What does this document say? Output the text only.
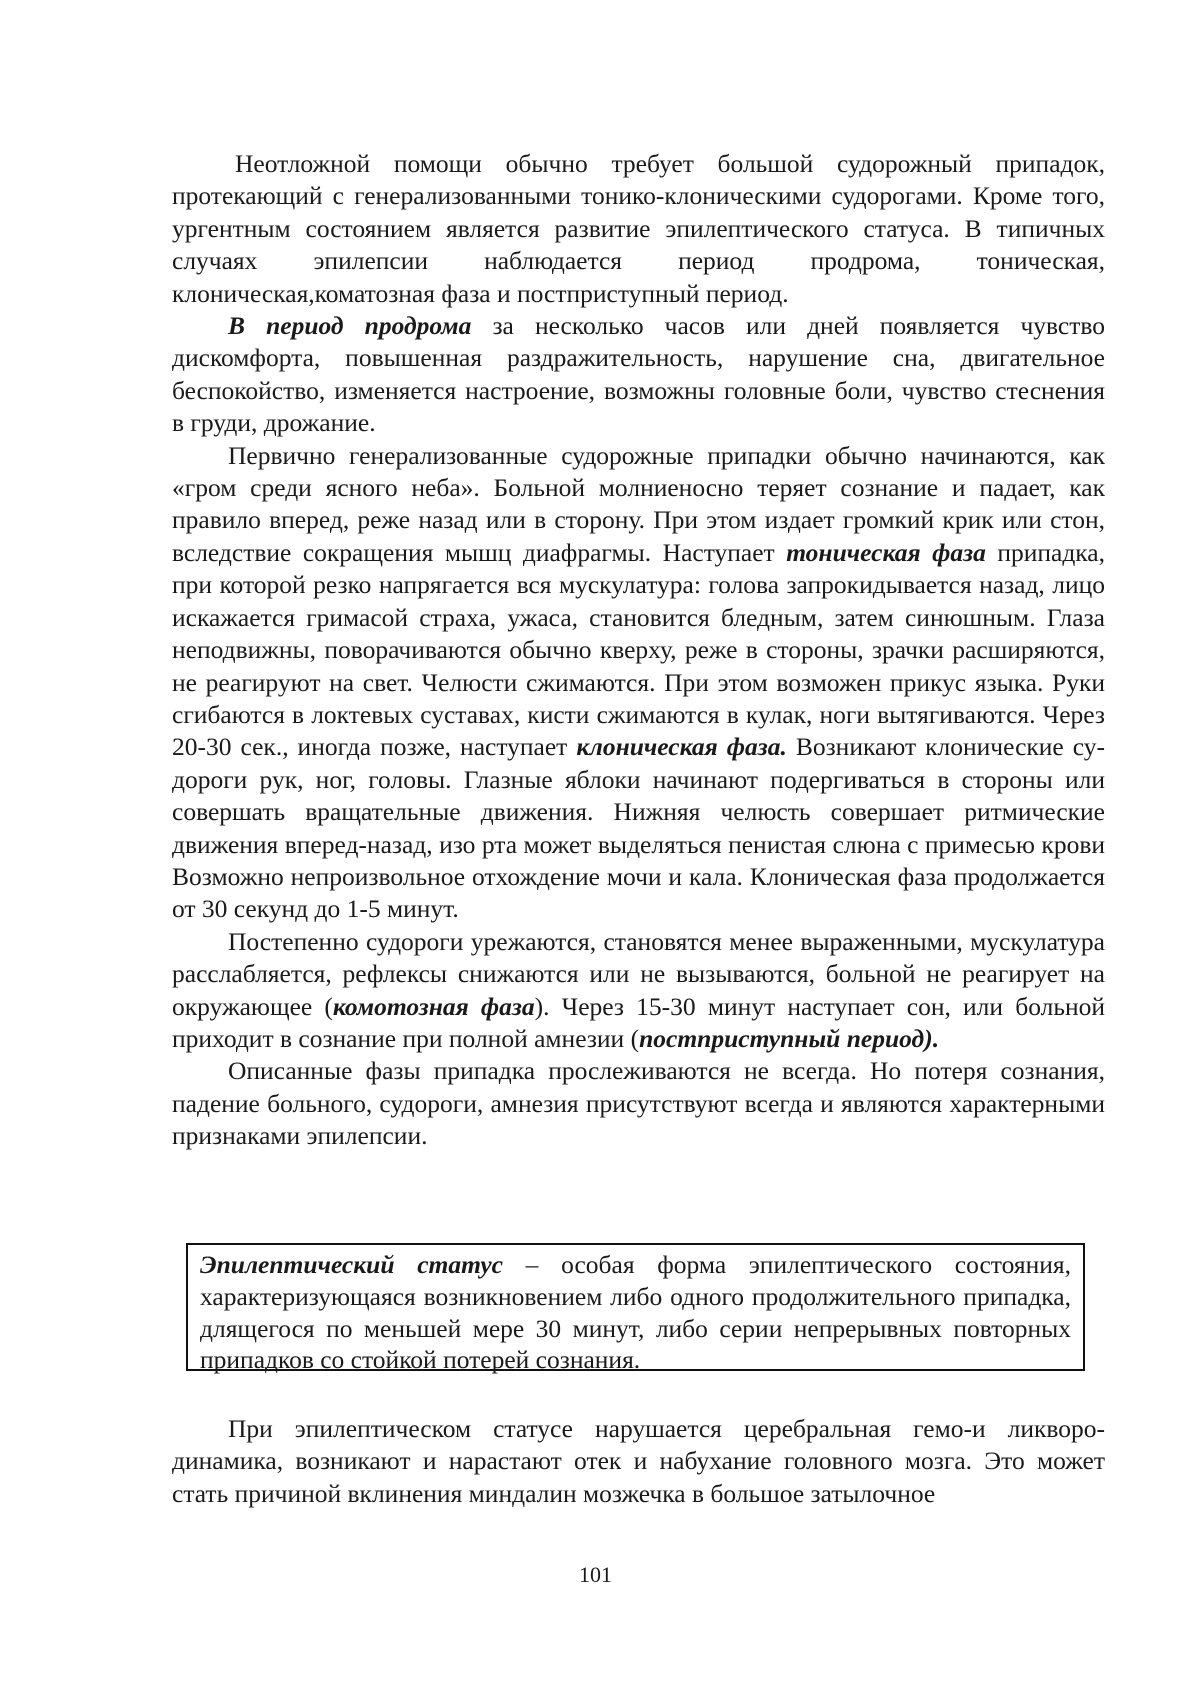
Неотложной помощи обычно требует большой судорожный припадок, протекающий с генерализованными тонико-клоническими судорогами. Кроме того, ургентным состоянием является развитие эпилептического статуса. В типичных случаях эпилепсии наблюдается период продрома, тоническая, клоническая,коматозная фаза и постприступный период.

В период продрома за несколько часов или дней появляется чувство дискомфорта, повышенная раздражительность, нарушение сна, двигательное беспокойство, изменяется настроение, возможны головные боли, чувство стеснения в груди, дрожание.

Первично генерализованные судорожные припадки обычно начинаются, как «гром среди ясного неба». Больной молниеносно теряет сознание и падает, как правило вперед, реже назад или в сторону. При этом издает громкий крик или стон, вследствие сокращения мышц диафрагмы. Наступает тоническая фаза припадка, при которой резко напрягается вся мускулатура: голова запрокидывается назад, лицо искажается гримасой страха, ужаса, становится бледным, затем синюшным. Глаза неподвижны, поворачиваются обычно кверху, реже в стороны, зрачки расширяются, не реагируют на свет. Челюсти сжимаются. При этом возможен прикус языка. Руки сгибаются в локтевых суставах, кисти сжимаются в кулак, ноги вытягиваются. Через 20-30 сек., иногда позже, наступает клоническая фаза. Возникают клонические судороги рук, ног, головы. Глазные яблоки начинают подергиваться в стороны или совершать вращательные движения. Нижняя челюсть совершает ритмические движения вперед-назад, изо рта может выделяться пенистая слюна с примесью крови Возможно непроизвольное отхождение мочи и кала. Клоническая фаза продолжается от 30 секунд до 1-5 минут.

Постепенно судороги урежаются, становятся менее выраженными, мускулатура расслабляется, рефлексы снижаются или не вызываются, больной не реагирует на окружающее (комотозная фаза). Через 15-30 минут наступает сон, или больной приходит в сознание при полной амнезии (постприступный период).

Описанные фазы припадка прослеживаются не всегда. Но потеря сознания, падение больного, судороги, амнезия присутствуют всегда и являются характерными признаками эпилепсии.

Эпилептический статус – особая форма эпилептического состояния, характеризующаяся возникновением либо одного продолжительного припадка, длящегося по меньшей мере 30 минут, либо серии непрерывных повторных припадков со стойкой потерей сознания.

При эпилептическом статусе нарушается церебральная гемо-и ликвородинамика, возникают и нарастают отек и набухание головного мозга. Это может стать причиной вклинения миндалин мозжечка в большое затылочное

101
